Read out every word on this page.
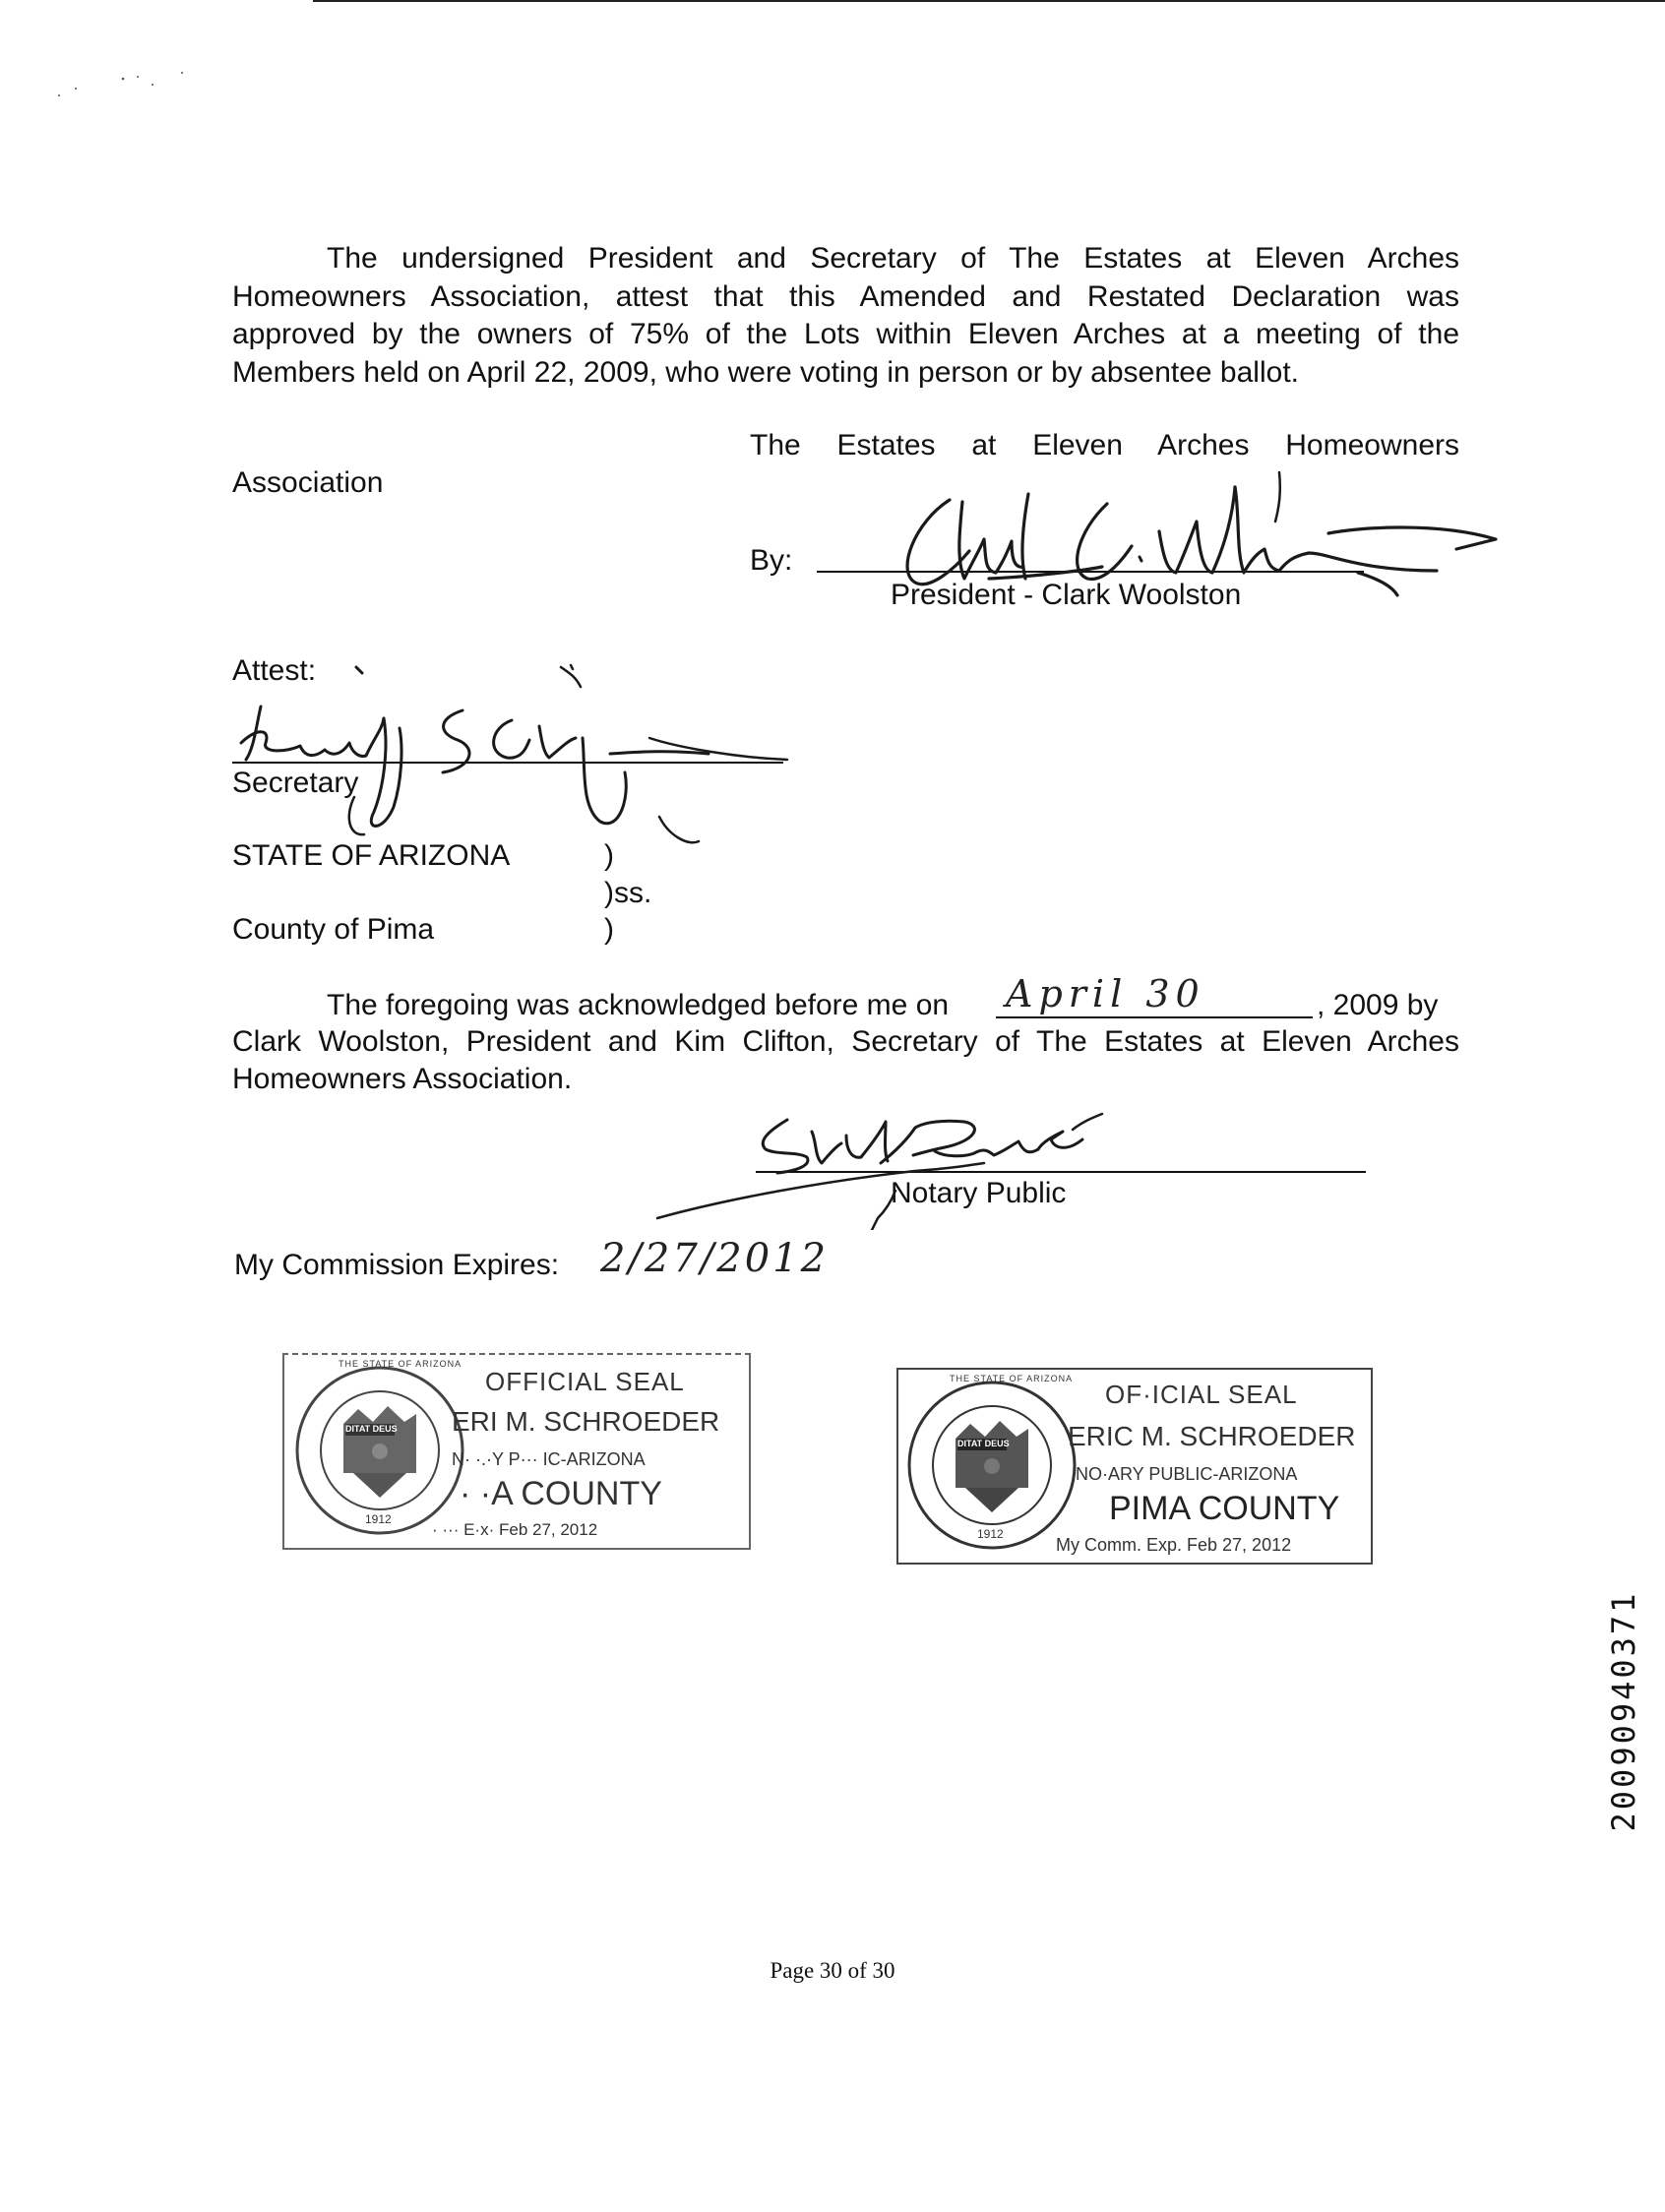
The undersigned President and Secretary of The Estates at Eleven Arches
Homeowners Association, attest that this Amended and Restated Declaration was
approved by the owners of 75% of the Lots within Eleven Arches at a meeting of the
Members held on April 22, 2009, who were voting in person or by absentee ballot.
The Estates at Eleven Arches Homeowners
Association
By:
President - Clark Woolston
Attest:
Secretary
STATE OF ARIZONA	)
)ss.
County of Pima	)
The foregoing was acknowledged before me on April 30	, 2009 by
Clark Woolston, President and Kim Clifton, Secretary of The Estates at Eleven Arches
Homeowners Association.
Notary Public
My Commission Expires: 2/27/2012
THE STATE OF ARIZONA
DITAT DEUS
1912
OFFICIAL SEAL
ERI M. SCHROEDER
N· ·.·Y P··· IC-ARIZONA
· ·A COUNTY
· ··· E·x· Feb 27, 2012
THE STATE OF ARIZONA
DITAT DEUS
1912
OF·ICIAL SEAL
ERIC M. SCHROEDER
NO·ARY PUBLIC-ARIZONA
PIMA COUNTY
My Comm. Exp. Feb 27, 2012
Page 30 of 30
20090940371
